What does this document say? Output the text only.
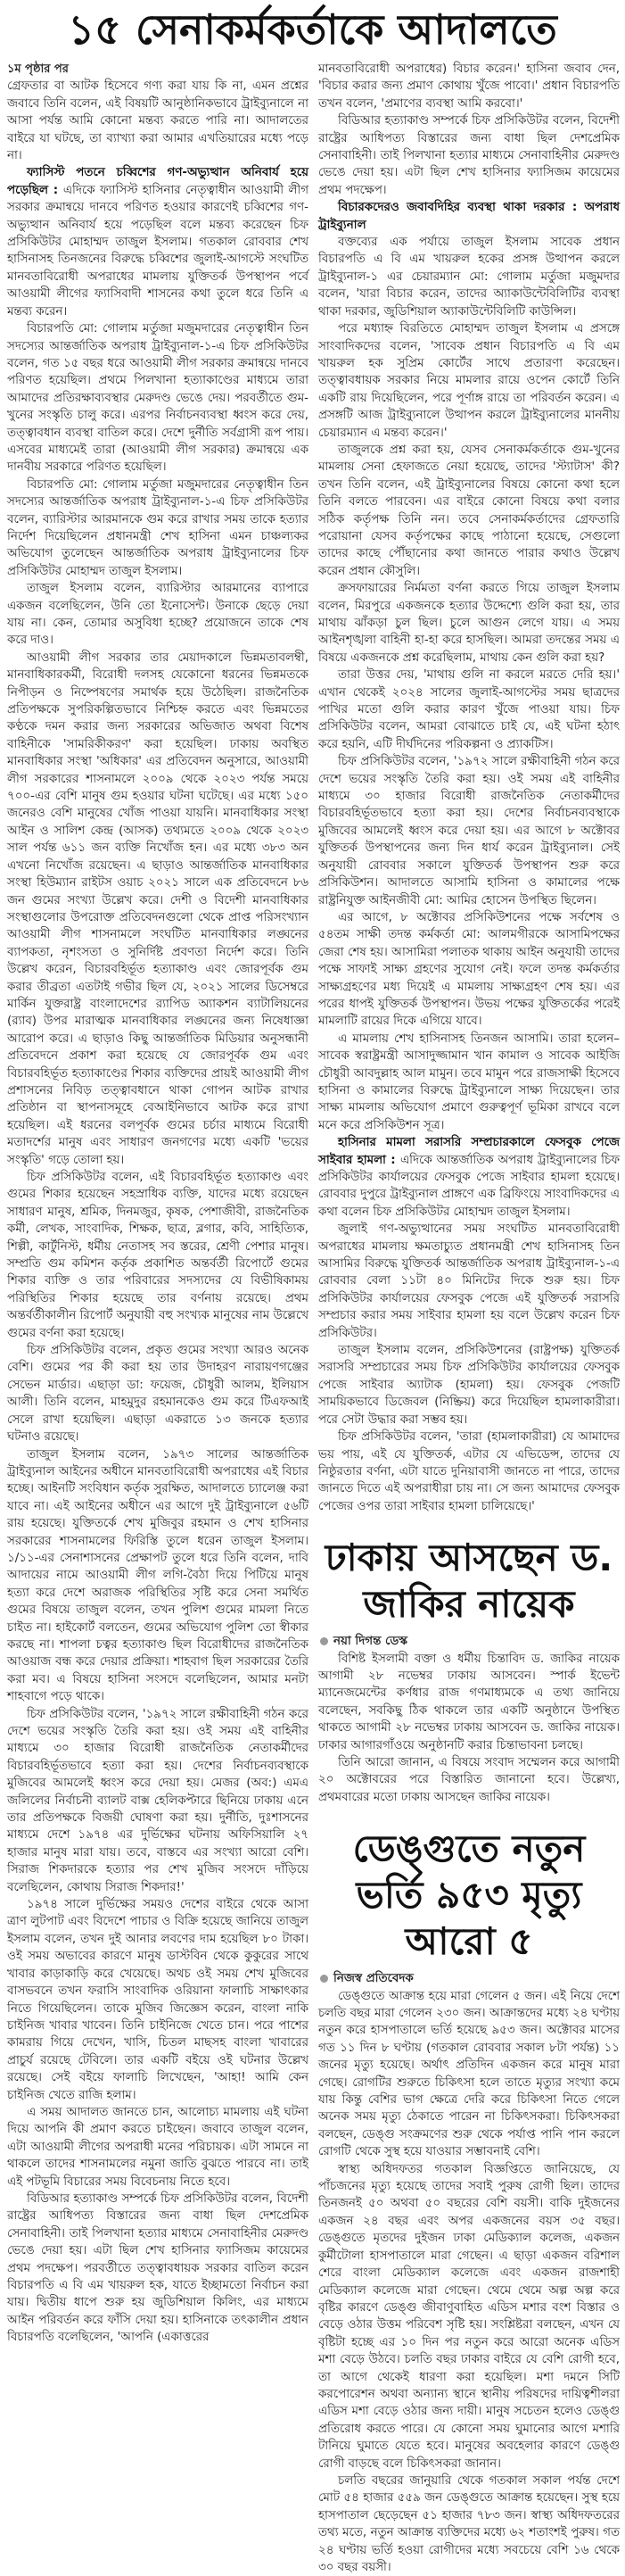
১৫ সেনাকর্মকর্তাকে আদালতে
১ম পৃষ্ঠার পর

গ্রেফতার বা আটক হিসেবে গণ্য করা যায় কি না, এমন প্রশ্নের জবাবে তিনি বলেন, এই বিষয়টি আনুষ্ঠানিকভাবে ট্রাইব্যুনালে না আসা পর্যন্ত আমি কোনো মন্তব্য করতে পারি না। আদালতের বাইরে যা ঘটছে, তা ব্যাখ্যা করা আমার এখতিয়ারের মধ্যে পড়ে না।

ফ্যাসিস্ট পতনে চব্বিশের গণ-অভ্যুত্থান অনিবার্য হয়ে পড়েছিল : এদিকে ফ্যাসিস্ট হাসিনার নেতৃত্বাধীন আওয়ামী লীগ সরকার ক্রমান্বয়ে দানবে পরিণত হওয়ার কারণেই চব্বিশের গণ-অভ্যুত্থান অনিবার্য হয়ে পড়েছিল বলে মন্তব্য করেছেন চিফ প্রসিকিউটর মোহাম্মদ তাজুল ইসলাম। গতকাল রোববার শেখ হাসিনাসহ তিনজনের বিরুদ্ধে চব্বিশের জুলাই-আগস্টে সংঘটিত মানবতাবিরোধী অপরাধের মামলায় যুক্তিতর্ক উপস্থাপন পর্বে আওয়ামী লীগের ফ্যাসিবাদী শাসনের কথা তুলে ধরে তিনি এ মন্তব্য করেন।

বিচারপতি মো: গোলাম মর্তুজা মজুমদারের নেতৃত্বাধীন তিন সদস্যের আন্তর্জাতিক অপরাধ ট্রাইব্যুনাল-১-এ চিফ প্রসিকিউটর বলেন, গত ১৫ বছর ধরে আওয়ামী লীগ সরকার ক্রমান্বয়ে দানবে পরিণত হয়েছিল। প্রথমে পিলখানা হত্যাকাণ্ডের মাধ্যমে তারা আমাদের প্রতিরক্ষাব্যবস্থার মেরুদণ্ড ভেঙে দেয়। পরবর্তীতে গুম-খুনের সংস্কৃতি চালু করে। এরপর নির্বাচনব্যবস্থা ধ্বংস করে দেয়, তত্ত্বাবধান ব্যবস্থা বাতিল করে। দেশে দুর্নীতি সর্বগ্রাসী রূপ পায়। এসবের মাধ্যমেই তারা (আওয়ামী লীগ সরকার) ক্রমান্বয়ে এক দানবীয় সরকারে পরিণত হয়েছিল।

বিচারপতি মো: গোলাম মর্তুজা মজুমদারের নেতৃত্বাধীন তিন সদস্যের আন্তর্জাতিক অপরাধ ট্রাইব্যুনাল-১-এ চিফ প্রসিকিউটর বলেন, ব্যারিস্টার আরমানকে গুম করে রাখার সময় তাকে হত্যার নির্দেশ দিয়েছিলেন প্রধানমন্ত্রী শেখ হাসিনা এমন চাঞ্চল্যকর অভিযোগ তুলেছেন আন্তর্জাতিক অপরাধ ট্রাইব্যুনালের চিফ প্রসিকিউটর মোহাম্মদ তাজুল ইসলাম।

তাজুল ইসলাম বলেন, ব্যারিস্টার আরমানের ব্যাপারে একজন বলেছিলেন, উনি তো ইনোসেন্ট। উনাকে ছেড়ে দেয়া যায় না। কেন, তোমার অসুবিধা হচ্ছে? প্রয়োজনে তাকে শেষ করে দাও।

আওয়ামী লীগ সরকার তার মেয়াদকালে ভিন্নমতাবলম্বী, মানবাধিকারকর্মী, বিরোধী দলসহ যেকোনো ধরনের ভিন্নমতকে নিপীড়ন ও নিষ্পেষণের সমার্থক হয়ে উঠেছিল। রাজনৈতিক প্রতিপক্ষকে সুপরিকল্পিতভাবে নিশ্চিহ্ন করতে এবং ভিন্নমতের কণ্ঠকে দমন করার জন্য সরকারের অভিজাত অথবা বিশেষ বাহিনীকে 'সামরিকীকরণ' করা হয়েছিল। ঢাকায় অবস্থিত মানবাধিকার সংস্থা 'অধিকার' এর প্রতিবেদন অনুসারে, আওয়ামী লীগ সরকারের শাসনামলে ২০০৯ থেকে ২০২৩ পর্যন্ত সময়ে ৭০০-এর বেশি মানুষ গুম হওয়ার ঘটনা ঘটেছে। এর মধ্যে ১৫০ জনেরও বেশি মানুষের খোঁজ পাওয়া যায়নি। মানবাধিকার সংস্থা আইন ও সালিশ কেন্দ্র (আসক) তথ্যমতে ২০০৯ থেকে ২০২৩ সাল পর্যন্ত ৬১১ জন ব্যক্তি নিখোঁজ হন। এর মধ্যে ৩৮৩ অন এখনো নিখোঁজ রয়েছেন। এ ছাড়াও আন্তর্জাতিক মানবাধিকার সংস্থা হিউম্যান রাইটস ওয়াচ ২০২১ সালে এক প্রতিবেদনে ৮৬ জন গুমের সংখ্যা উল্লেখ করে। দেশী ও বিদেশী মানবাধিকার সংস্থাগুলোর উপরোক্ত প্রতিবেদনগুলো থেকে প্রাপ্ত পরিসংখ্যান আওয়ামী লীগ শাসনামলে সংঘটিত মানবাধিকার লঙ্ঘনের ব্যাপকতা, নৃশংসতা ও সুনির্দিষ্ট প্রবণতা নির্দেশ করে। তিনি উল্লেখ করেন, বিচারবহির্ভূত হত্যাকাণ্ড এবং জোরপূর্বক গুম করার তীব্রতা এতটাই গভীর ছিল যে, ২০২১ সালের ডিসেম্বরে মার্কিন যুক্তরাষ্ট্র বাংলাদেশের র‍্যাপিড অ্যাকশন ব্যাটালিয়নের (র‍্যাব) উপর মারাত্মক মানবাধিকার লঙ্ঘনের জন্য নিষেধাজ্ঞা আরোপ করে। এ ছাড়াও কিছু আন্তর্জাতিক মিডিয়ার অনুসন্ধানী প্রতিবেদনে প্রকাশ করা হয়েছে যে জোরপূর্বক গুম এবং বিচারবহির্ভূত হত্যাকাণ্ডের শিকার ব্যক্তিদের প্রায়ই আওয়ামী লীগ প্রশাসনের নিবিড় তত্ত্বাবধানে থাকা গোপন আটক রাখার প্রতিষ্ঠান বা স্থাপনাসমূহে বেআইনিভাবে আটক করে রাখা হয়েছিল। এই ধরনের বলপূর্বক গুমের চর্চার মাধ্যমে বিরোধী মতাদর্শের মানুষ এবং সাধারণ জনগণের মধ্যে একটি 'ভয়ের সংস্কৃতি' গড়ে তোলা হয়।

চিফ প্রসিকিউটর বলেন, এই বিচারবহির্ভূত হত্যাকাণ্ড এবং গুমের শিকার হয়েছেন সহস্রাধিক ব্যক্তি, যাদের মধ্যে রয়েছেন সাধারণ মানুষ, শ্রমিক, দিনমজুর, কৃষক, পেশাজীবী, রাজনৈতিক কর্মী, লেখক, সাংবাদিক, শিক্ষক, ছাত্র, ব্লগার, কবি, সাহিত্যিক, শিল্পী, কার্টুনিস্ট, ধর্মীয় নেতাসহ সব স্তরের, শ্রেণী পেশার মানুষ। সম্প্রতি গুম কমিশন কর্তৃক প্রকাশিত অন্তর্বর্তী রিপোর্টে গুমের শিকার ব্যক্তি ও তার পরিবারের সদস্যদের যে বিভীষিকাময় পরিস্থিতির শিকার হয়েছে তার বর্ণনায় রয়েছে। প্রথম অন্তর্বর্তীকালীন রিপোর্ট অনুযায়ী বহু সংখ্যক মানুষের নাম উল্লেখে গুমের বর্ণনা করা হয়েছে।

চিফ প্রসিকিউটর বলেন, প্রকৃত গুমের সংখ্যা আরও অনেক বেশি। গুমের পর কী করা হয় তার উদাহরণ নারায়ণগঞ্জের সেভেন মার্ডার। এছাড়া ডা: ফয়েজ, চৌধুরী আলম, ইলিয়াস আলী। তিনি বলেন, মাহমুদুর রহমানকেও গুম করে টিএফআই সেলে রাখা হয়েছিল। এছাড়া একরাতে ১৩ জনকে হত্যার ঘটনাও রয়েছে।

তাজুল ইসলাম বলেন, ১৯৭৩ সালের আন্তর্জাতিক ট্রাইব্যুনাল আইনের অধীনে মানবতাবিরোধী অপরাধের এই বিচার হচ্ছে। আইনটি সংবিধান কর্তৃক সুরক্ষিত, আদালতে চ্যালেঞ্জ করা যাবে না। এই আইনের অধীনে এর আগে দুই ট্রাইব্যুনালে ৫৬টি রায় হয়েছে। যুক্তিতর্কে শেখ মুজিবুর রহমান ও শেখ হাসিনার সরকারের শাসনামলের ফিরিস্তি তুলে ধরেন তাজুল ইসলাম। ১/১১-এর সেনাশাসনের প্রেক্ষাপট তুলে ধরে তিনি বলেন, দাবি আদায়ের নামে আওয়ামী লীগ লগি-বৈঠা দিয়ে পিটিয়ে মানুষ হত্যা করে দেশে অরাজক পরিস্থিতির সৃষ্টি করে সেনা সমর্থিত গুমের বিষয়ে তাজুল বলেন, তখন পুলিশ গুমের মামলা নিতে চাইত না। হাইকোর্ট বলতেন, গুমের অভিযোগ পুলিশ তো স্বীকার করছে না। শাপলা চত্বর হত্যাকাণ্ড ছিল বিরোধীদের রাজনৈতিক আওয়াজ বন্ধ করে দেয়ার প্রক্রিয়া। শাহবাগ ছিল সরকারের তৈরি করা মব। এ বিষয়ে হাসিনা সংসদে বলেছিলেন, আমার মনটা শাহবাগে পড়ে থাকে।

চিফ প্রসিকিউটর বলেন, '১৯৭২ সালে রক্ষীবাহিনী গঠন করে দেশে ভয়ের সংস্কৃতি তৈরি করা হয়। ওই সময় এই বাহিনীর মাধ্যমে ৩০ হাজার বিরোধী রাজনৈতিক নেতাকর্মীদের বিচারবহির্ভূতভাবে হত্যা করা হয়। দেশের নির্বাচনব্যবস্থাকে মুজিবের আমলেই ধ্বংস করে দেয়া হয়। মেজর (অব:) এমএ জলিলের নির্বাচনী ব্যালট বাক্স হেলিকপ্টারে ছিনিয়ে ঢাকায় এনে তার প্রতিপক্ষকে বিজয়ী ঘোষণা করা হয়। দুর্নীতি, দুঃশাসনের মাধ্যমে দেশে ১৯৭৪ এর দুর্ভিক্ষের ঘটনায় অফিসিয়ালি ২৭ হাজার মানুষ মারা যায়। তবে, বাস্তবে এর সংখ্যা আরো বেশি। সিরাজ শিকদারকে হত্যার পর শেখ মুজিব সংসদে দাঁড়িয়ে বলেছিলেন, কোথায় সিরাজ শিকদার!'

১৯৭৪ সালে দুর্ভিক্ষের সময়ও দেশের বাইরে থেকে আসা ত্রাণ লুটপাট এবং বিদেশে পাচার ও বিক্রি হয়েছে জানিয়ে তাজুল ইসলাম বলেন, তখন দুই আনার লবণের দাম হয়েছিল ৮০ টাকা। ওই সময় অভাবের কারণে মানুষ ডাস্টবিন থেকে কুকুরের সাথে খাবার কাড়াকাড়ি করে খেয়েছে। অথচ ওই সময় শেখ মুজিবের বাসভবনে তখন ফরাসি সাংবাদিক ওরিয়ানা ফালাচি সাক্ষাৎকার নিতে গিয়েছিলেন। তাকে মুজিব জিজ্ঞেস করেন, বাংলা নাকি চাইনিজ খাবার খাবেন। তিনি চাইনিজে খেতে চান। পরে পাশের কামরায় গিয়ে দেখেন, খাসি, চিতল মাছসহ বাংলা খাবারের প্রাচুর্য রয়েছে টেবিলে। তার একটি বইয়ে ওই ঘটনার উল্লেখ রয়েছে। সেই বইয়ে ফালাচি লিখেছেন, 'আহা! আমি কেন চাইনিজ খেতে রাজি হলাম।

এ সময় আদালত জানতে চান, আলোচ্য মামলায় এই ঘটনা দিয়ে আপনি কী প্রমাণ করতে চাইছেন। জবাবে তাজুল বলেন, এটা আওয়ামী লীগের অপরাধী মনের পরিচায়ক। এটা সামনে না থাকলে তাদের শাসনামলের নমুনা জাতি বুঝতে পারবে না। তাই এই পটভূমি বিচারের সময় বিবেচনায় নিতে হবে।

বিডিআর হত্যাকাণ্ড সম্পর্কে চিফ প্রসিকিউটর বলেন, বিদেশী রাষ্ট্রের আধিপত্য বিস্তারের জন্য বাধা ছিল দেশপ্রেমিক সেনাবাহিনী। তাই পিলখানা হত্যার মাধ্যমে সেনাবাহিনীর মেরুদণ্ড ভেঙে দেয়া হয়। এটা ছিল শেখ হাসিনার ফ্যাসিজম কায়েমের প্রথম পদক্ষেপ। পরবর্তীতে তত্ত্বাবধায়ক সরকার বাতিল করেন বিচারপতি এ বি এম খায়রুল হক, যাতে ইচ্ছামতো নির্বাচন করা যায়। দ্বিতীয় ধাপে শুরু হয় জুডিশিয়াল কিলিং, এর মাধ্যমে আইন পরিবর্তন করে ফাঁসি দেয়া হয়। হাসিনাকে তৎকালীন প্রধান বিচারপতি বলেছিলেন, 'আপনি (একাত্তরের

মানবতাবিরোধী অপরাধের) বিচার করেন।' হাসিনা জবাব দেন, 'বিচার করার জন্য প্রমাণ কোথায় খুঁজে পাবো।' প্রধান বিচারপতি তখন বলেন, 'প্রমাণের ব্যবস্থা আমি করবো।'

বিডিআর হত্যাকাণ্ড সম্পর্কে চিফ প্রসিকিউটর বলেন, বিদেশী রাষ্ট্রের আধিপত্য বিস্তারের জন্য বাধা ছিল দেশপ্রেমিক সেনাবাহিনী। তাই পিলখানা হত্যার মাধ্যমে সেনাবাহিনীর মেরুদণ্ড ভেঙে দেয়া হয়। এটা ছিল শেখ হাসিনার ফ্যাসিজম কায়েমের প্রথম পদক্ষেপ।

বিচারকদেরও জবাবদিহির ব্যবস্থা থাকা দরকার : অপরাধ ট্রাইব্যুনাল

বক্তব্যের এক পর্যায়ে তাজুল ইসলাম সাবেক প্রধান বিচারপতি এ বি এম খায়রুল হকের প্রসঙ্গ উত্থাপন করলে ট্রাইব্যুনাল-১ এর চেয়ারম্যান মো: গোলাম মর্তুজা মজুমদার বলেন, 'যারা বিচার করেন, তাদের অ্যাকাউন্টেবিলিটির ব্যবস্থা থাকা দরকার, জুডিশিয়াল অ্যাকাউন্টেবিলিটি কাউন্সিল।

পরে মধ্যাহ্ন বিরতিতে মোহাম্মদ তাজুল ইসলাম এ প্রসঙ্গে সাংবাদিকদের বলেন, 'সাবেক প্রধান বিচারপতি এ বি এম খায়রুল হক সুপ্রিম কোর্টের সাথে প্রতারণা করেছেন। তত্ত্বাবধায়ক সরকার নিয়ে মামলার রায়ে ওপেন কোর্টে তিনি একটি রায় দিয়েছিলেন, পরে পূর্ণাঙ্গ রায়ে তা পরিবর্তন করেন। এ প্রসঙ্গটি আজ ট্রাইব্যুনালে উত্থাপন করলে ট্রাইব্যুনালের মাননীয় চেয়ারম্যান এ মন্তব্য করেন।'

তাজুলকে প্রশ্ন করা হয়, যেসব সেনাকর্মকর্তাকে গুম-খুনের মামলায় সেনা হেফাজতে নেয়া হয়েছে, তাদের 'স্ট্যাটাস' কী? তখন তিনি বলেন, এই ট্রাইব্যুনালের বিষয়ে কোনো কথা হলে তিনি বলতে পারবেন। এর বাইরে কোনো বিষয়ে কথা বলার সঠিক কর্তৃপক্ষ তিনি নন। তবে সেনাকর্মকর্তাদের গ্রেফতারি পরোয়ানা যেসব কর্তৃপক্ষের কাছে পাঠানো হয়েছে, সেগুলো তাদের কাছে পৌঁছানোর কথা জানতে পারার কথাও উল্লেখ করেন প্রধান কৌসুলি।

ক্রসফায়ারের নির্মমতা বর্ণনা করতে গিয়ে তাজুল ইসলাম বলেন, মিরপুরে একজনকে হত্যার উদ্দেশ্যে গুলি করা হয়, তার মাথায় ঝাঁকড়া চুল ছিল। চুলে আগুন লেগে যায়। এ সময় আইনশৃঙ্খলা বাহিনী হা-হা করে হাসছিল। আমরা তদন্তের সময় এ বিষয়ে একজনকে প্রশ্ন করেছিলাম, মাথায় কেন গুলি করা হয়?

তারা উত্তর দেয়, 'মাথায় গুলি না করলে মরতে দেরি হয়।' এখান থেকেই ২০২৪ সালের জুলাই-আগস্টের সময় ছাত্রদের পাখির মতো গুলি করার কারণ খুঁজে পাওয়া যায়। চিফ প্রসিকিউটর বলেন, আমরা বোঝাতে চাই যে, এই ঘটনা হঠাৎ করে হয়নি, এটি দীর্ঘদিনের পরিকল্পনা ও প্র্যাকটিস।

চিফ প্রসিকিউটর বলেন, '১৯৭২ সালে রক্ষীবাহিনী গঠন করে দেশে ভয়ের সংস্কৃতি তৈরি করা হয়। ওই সময় এই বাহিনীর মাধ্যমে ৩০ হাজার বিরোধী রাজনৈতিক নেতাকর্মীদের বিচারবহির্ভূতভাবে হত্যা করা হয়। দেশের নির্বাচনব্যবস্থাকে মুজিবের আমলেই ধ্বংস করে দেয়া হয়। এর আগে ৮ অক্টোবর যুক্তিতর্ক উপস্থাপনের জন্য দিন ধার্য করেন ট্রাইব্যুনাল। সেই অনুযায়ী রোববার সকালে যুক্তিতর্ক উপস্থাপন শুরু করে প্রসিকিউশন। আদালতে আসামি হাসিনা ও কামালের পক্ষে রাষ্ট্রনিযুক্ত আইনজীবী মো: আমির হোসেন উপস্থিত ছিলেন।

এর আগে, ৮ অক্টোবর প্রসিকিউশনের পক্ষে সর্বশেষ ও ৫৪তম সাক্ষী তদন্ত কর্মকর্তা মো: আলমগীরকে আসামিপক্ষের জেরা শেষ হয়। আসামিরা পলাতক থাকায় আইন অনুযায়ী তাদের পক্ষে সাফাই সাক্ষ্য গ্রহণের সুযোগ নেই। ফলে তদন্ত কর্মকর্তার সাক্ষ্যগ্রহণের মধ্য দিয়েই এ মামলায় সাক্ষ্যগ্রহণ শেষ হয়। এর পরের ধাপই যুক্তিতর্ক উপস্থাপন। উভয় পক্ষের যুক্তিতর্কের পরেই মামলাটি রায়ের দিকে এগিয়ে যাবে।

এ মামলায় শেখ হাসিনাসহ তিনজন আসামি। তারা হলেন– সাবেক স্বরাষ্ট্রমন্ত্রী আসাদুজ্জামান খান কামাল ও সাবেক আইজি চৌধুরী আবদুল্লাহ আল মামুন। তবে মামুন পরে রাজসাক্ষী হিসেবে হাসিনা ও কামালের বিরুদ্ধে ট্রাইব্যুনালে সাক্ষ্য দিয়েছেন। তার সাক্ষ্য মামলায় অভিযোগ প্রমাণে গুরুত্বপূর্ণ ভূমিকা রাখবে বলে মনে করে প্রসিকিউশন সূত্র।

হাসিনার মামলা সরাসরি সম্প্রচারকালে ফেসবুক পেজে সাইবার হামলা : এদিকে আন্তর্জাতিক অপরাধ ট্রাইব্যুনালের চিফ প্রসিকিউটর কার্যালয়ের ফেসবুক পেজে সাইবার হামলা হয়েছে। রোববার দুপুরে ট্রাইব্যুনাল প্রাঙ্গণে এক ব্রিফিংয়ে সাংবাদিকদের এ কথা বলেন চিফ প্রসিকিউটর মোহাম্মদ তাজুল ইসলাম।

জুলাই গণ-অভ্যুত্থানের সময় সংঘটিত মানবতাবিরোধী অপরাধের মামলায় ক্ষমতাচ্যুত প্রধানমন্ত্রী শেখ হাসিনাসহ তিন আসামির বিরুদ্ধে যুক্তিতর্ক আন্তর্জাতিক অপরাধ ট্রাইব্যুনাল-১-এ রোববার বেলা ১১টা ৪০ মিনিটের দিকে শুরু হয়। চিফ প্রসিকিউটর কার্যালয়ের ফেসবুক পেজে এই যুক্তিতর্ক সরাসরি সম্প্রচার করার সময় সাইবার হামলা হয় বলে উল্লেখ করেন চিফ প্রসিকিউটর।

তাজুল ইসলাম বলেন, প্রসিকিউশনের (রাষ্ট্রপক্ষ) যুক্তিতর্ক সরাসরি সম্প্রচারের সময় চিফ প্রসিকিউটর কার্যালয়ের ফেসবুক পেজে সাইবার অ্যাটাক (হামলা) হয়। ফেসবুক পেজটি সাময়িকভাবে ডিজেবল (নিষ্ক্রিয়) করে দিয়েছিল হামলাকারীরা। পরে সেটা উদ্ধার করা সম্ভব হয়।

চিফ প্রসিকিউটর বলেন, 'তারা (হামলাকারীরা) যে আমাদের ভয় পায়, এই যে যুক্তিতর্ক, এটার যে এভিডেন্স, তাদের যে নিষ্ঠুরতার বর্ণনা, এটা যাতে দুনিয়াবাসী জানতে না পারে, তাদের জানতে দিতে এই অপরাধীরা চায় না। সে জন্য আমাদের ফেসবুক পেজের ওপর তারা সাইবার হামলা চালিয়েছে।'

ঢাকায় আসছেন ড. জাকির নায়েক
নয়া দিগন্ত ডেস্ক

বিশিষ্ট ইসলামী বক্তা ও ধর্মীয় চিন্তাবিদ ড. জাকির নায়েক আগামী ২৮ নভেম্বর ঢাকায় আসবেন। স্পার্ক ইভেন্ট ম্যানেজমেন্টের কর্ণধার রাজ গণমাধ্যমকে এ তথ্য জানিয়ে বলেছেন, সবকিছু ঠিক থাকলে তার একটি অনুষ্ঠানে উপস্থিত থাকতে আগামী ২৮ নভেম্বর ঢাকায় আসবেন ড. জাকির নায়েক। ঢাকার আগারগাঁওয়ে অনুষ্ঠানটি করার চিন্তাভাবনা চলছে।

তিনি আরো জানান, এ বিষয়ে সংবাদ সম্মেলন করে আগামী ২০ অক্টোবরের পরে বিস্তারিত জানানো হবে। উল্লেখ্য, প্রথমবারের মতো ঢাকায় আসছেন জাকির নায়েক।

ডেঙ্গুতে নতুন ভর্তি ৯৫৩ মৃত্যু আরো ৫
নিজস্ব প্রতিবেদক

ডেঙ্গুতে আক্রান্ত হয়ে মারা গেলেন ৫ জন। এই নিয়ে দেশে চলতি বছর মারা গেলেন ২৩০ জন। আক্রান্তদের মধ্যে ২৪ ঘণ্টায় নতুন করে হাসপাতালে ভর্তি হয়েছে ৯৫৩ জন। অক্টোবর মাসের গত ১১ দিন ৮ ঘণ্টায় (গতকাল রোববার সকাল ৮টা পর্যন্ত) ১১ জনের মৃত্যু হয়েছে। অর্থাৎ প্রতিদিন একজন করে মানুষ মারা গেছে। রোগটির শুরুতে চিকিৎসা হলে তাতে মৃত্যুর সংখ্যা কমে যায় কিন্তু বেশির ভাগ ক্ষেত্রে দেরি করে চিকিৎসা নিতে গেলে অনেক সময় মৃত্যু ঠেকাতে পারেন না চিকিৎসকরা। চিকিৎসকরা বলছেন, ডেঙ্গু সংক্রমণের শুরু থেকে পর্যাপ্ত পানি পান করলে রোগটি থেকে সুস্থ হয়ে যাওয়ার সম্ভাবনাই বেশি।

স্বাস্থ্য অধিদফতর গতকাল বিজ্ঞপ্তিতে জানিয়েছে, যে পাঁচজনের মৃত্যু হয়েছে তাদের সবাই পুরুষ রোগী ছিল। তাদের তিনজনই ৫০ অথবা ৫০ বছরের বেশি বয়সী। বাকি দুইজনের একজন ২৪ বছর এবং অপর একজনের বয়স ৩৫ বছর। ডেঙ্গুতে মৃতদের দুইজন ঢাকা মেডিক্যাল কলেজ, একজন কুর্মীটোলা হাসপাতালে মারা গেছেন। এ ছাড়া একজন বরিশাল শেরে বাংলা মেডিক্যাল কলেজে এবং একজন রাজশাহী মেডিক্যাল কলেজে মারা গেছেন। থেমে থেমে অল্প অল্প করে বৃষ্টির কারণে ডেঙ্গু জীবাণুবাহিত এডিস মশার বংশ বিস্তার ও বেড়ে ওঠার উত্তম পরিবেশ সৃষ্টি হয়। সংশ্লিষ্টরা বলছেন, এখন যে বৃষ্টিটা হচ্ছে এর ১০ দিন পর নতুন করে আরো অনেক এডিস মশা বেড়ে উঠবে। চলতি বছর ঢাকার বাইরে যে বেশি রোগী হবে, তা আগে থেকেই ধারণা করা হয়েছিল। মশা দমনে সিটি করপোরেশন অথবা অন্যান্য স্থানে স্থানীয় পরিষদের দায়িত্বশীলরা এডিস মশা বেড়ে ওঠার জন্য দায়ী। মানুষ সচেতন হলেও ডেঙ্গু প্রতিরোধ করতে পারে। যে কোনো সময় ঘুমানোর আগে মশারি টানিয়ে ঘুমাতে যেতে হবে। মানুষের অবহেলার কারণে ডেঙ্গু রোগী বাড়ছে বলে চিকিৎসকরা জানান।

চলতি বছরের জানুয়ারি থেকে গতকাল সকাল পর্যন্ত দেশে মোট ৫৪ হাজার ৫৫৯ জন ডেঙ্গুতে আক্রান্ত হয়েছেন। সুস্থ হয়ে হাসপাতাল ছেড়েছেন ৫১ হাজার ৭৮৩ জন। স্বাস্থ্য অধিদফতরের তথ্য মতে, নতুন আক্রান্ত ব্যক্তিদের মধ্যে ৬২ শতাংশই পুরুষ। গত ২৪ ঘণ্টায় ভর্তি হওয়া রোগীদের মধ্যে সবচেয়ে বেশি ১৬ থেকে ৩০ বছর বয়সী।
